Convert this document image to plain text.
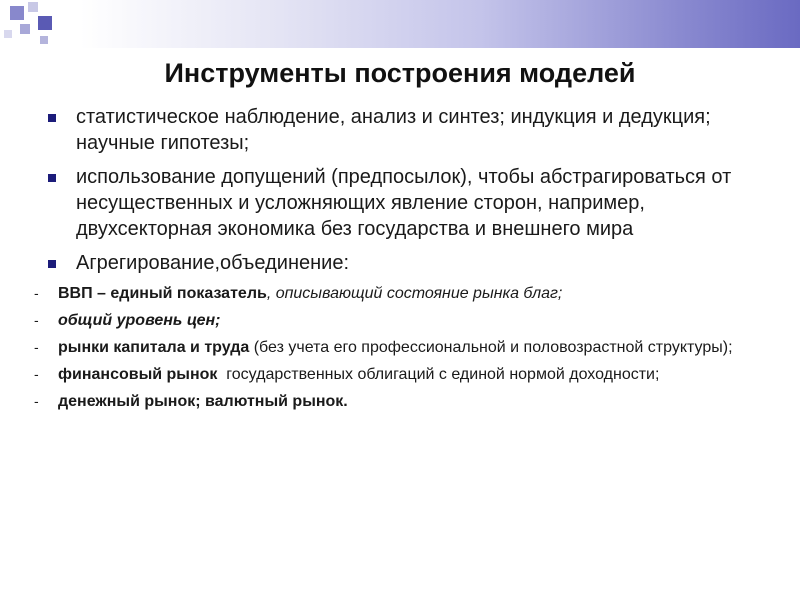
Инструменты построения моделей
статистическое наблюдение, анализ и синтез; индукция и дедукция; научные гипотезы;
использование допущений (предпосылок), чтобы абстрагироваться от несущественных и усложняющих явление сторон, например, двухсекторная экономика без государства и внешнего мира
Агрегирование,объединение:
- ВВП – единый показатель, описывающий состояние рынка благ;
- общий уровень цен;
- рынки капитала и труда (без учета его профессиональной и половозрастной структуры);
- финансовый рынок  государственных облигаций с единой нормой доходности;
- денежный рынок; валютный рынок.
